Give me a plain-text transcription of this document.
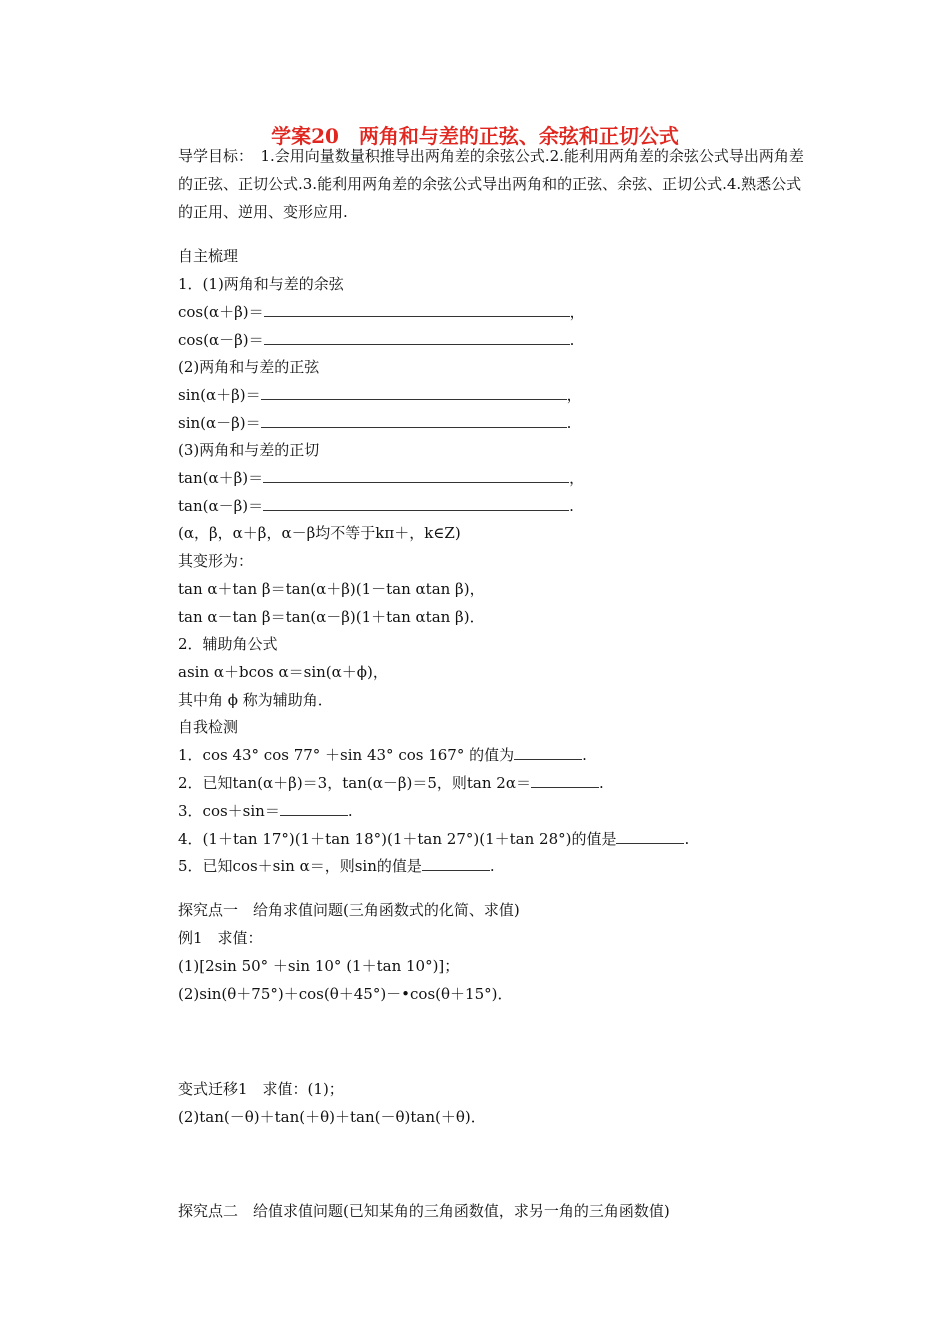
学案20　两角和与差的正弦、余弦和正切公式
导学目标：　1.会用向量数量积推导出两角差的余弦公式.2.能利用两角差的余弦公式导出两角差的正弦、正切公式.3.能利用两角差的余弦公式导出两角和的正弦、余弦、正切公式.4.熟悉公式的正用、逆用、变形应用.
自主梳理
1．(1)两角和与差的余弦
cos(α＋β)＝	，
cos(α－β)＝	.
(2)两角和与差的正弦
sin(α＋β)＝	，
sin(α－β)＝	.
(3)两角和与差的正切
tan(α＋β)＝	，
tan(α－β)＝	.
(α，β，α＋β，α－β均不等于kπ＋，k∈Z)
其变形为：
tan α＋tan β＝tan(α＋β)(1－tan αtan β)，
tan α－tan β＝tan(α－β)(1＋tan αtan β)．
2．辅助角公式
asin α＋bcos α＝sin(α＋ϕ)，
其中角 ϕ 称为辅助角．
自我检测
1．cos 43° cos 77° ＋sin 43° cos 167° 的值为	.
2．已知tan(α＋β)＝3，tan(α－β)＝5，则tan 2α＝	.
3．cos＋sin＝	.
4．(1＋tan 17°)(1＋tan 18°)(1＋tan 27°)(1＋tan 28°)的值是	.
5．已知cos＋sin α＝，则sin的值是	.
探究点一　给角求值问题(三角函数式的化简、求值)
例1　求值：
(1)[2sin 50° ＋sin 10° (1＋tan 10°)]；
(2)sin(θ＋75°)＋cos(θ＋45°)－•cos(θ＋15°)．
变式迁移1　求值：(1)；
(2)tan(－θ)＋tan(＋θ)＋tan(－θ)tan(＋θ)．
探究点二　给值求值问题(已知某角的三角函数值，求另一角的三角函数值)
